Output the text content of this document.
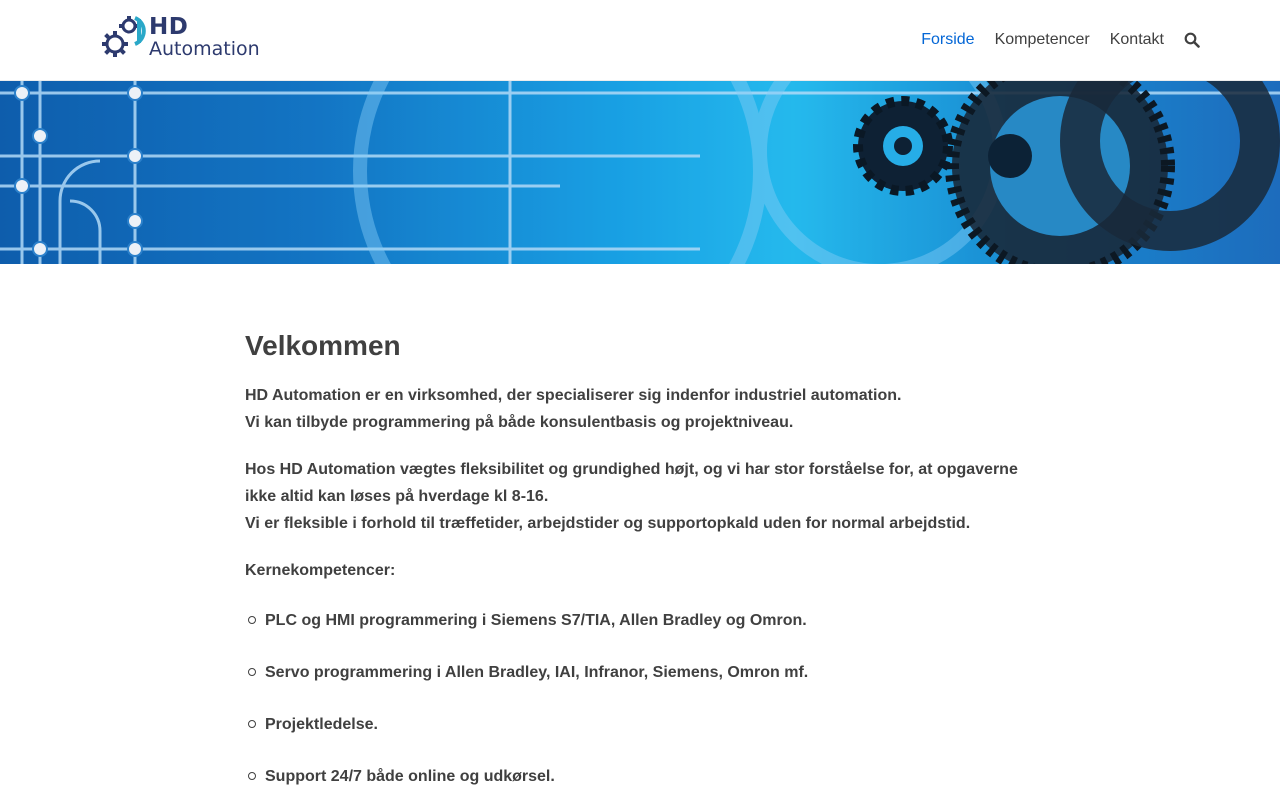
HD
Automation	Forside Kompetencer Kontakt
Velkommen

HD Automation er en virksomhed, der specialiserer sig indenfor industriel automation.
Vi kan tilbyde programmering på både konsulentbasis og projektniveau.

Hos HD Automation vægtes fleksibilitet og grundighed højt, og vi har stor forståelse for, at opgaverne ikke altid kan løses på hverdage kl 8-16.
Vi er fleksible i forhold til træffetider, arbejdstider og supportopkald uden for normal arbejdstid.

Kernekompetencer:

PLC og HMI programmering i Siemens S7/TIA, Allen Bradley og Omron.
Servo programmering i Allen Bradley, IAI, Infranor, Siemens, Omron mf.
Projektledelse.
Support 24/7 både online og udkørsel.
